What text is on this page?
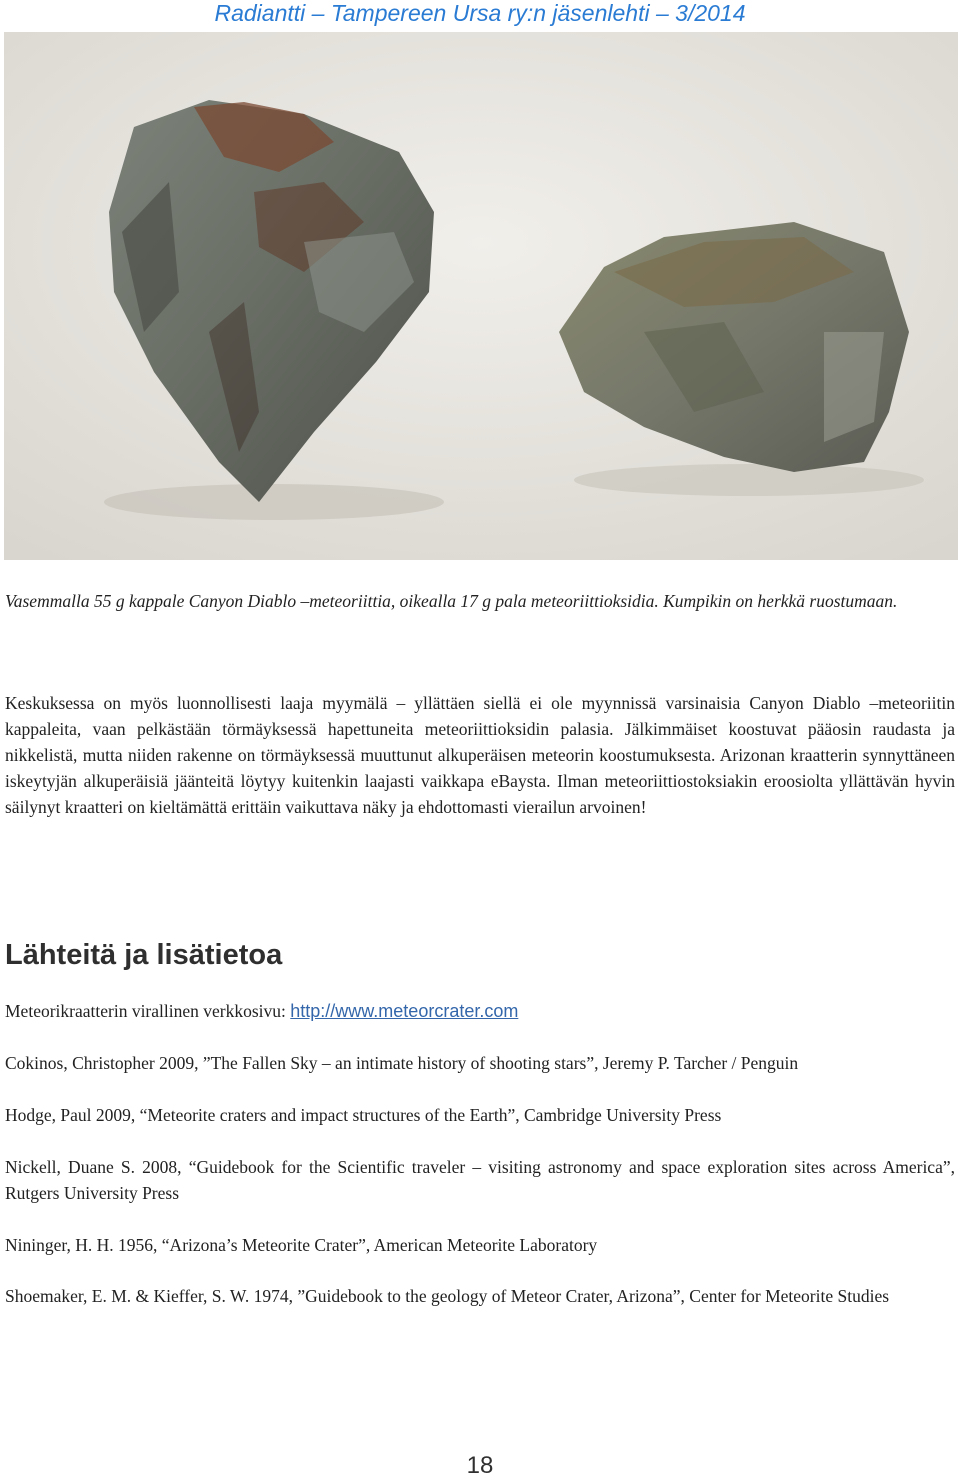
Radiantti – Tampereen Ursa ry:n jäsenlehti – 3/2014
Vasemmalla 55 g kappale Canyon Diablo –meteoriittia, oikealla 17 g pala meteoriittioksidia. Kumpikin on herkkä ruostumaan.

Keskuksessa on myös luonnollisesti laaja myymälä – yllättäen siellä ei ole myynnissä varsinaisia Canyon Diablo –meteoriitin kappaleita, vaan pelkästään törmäyksessä hapettuneita meteoriittioksidin palasia. Jälkimmäiset koostuvat pääosin raudasta ja nikkelistä, mutta niiden rakenne on törmäyksessä muuttunut alkuperäisen meteorin koostumuksesta. Arizonan kraatterin synnyttäneen iskeytyjän alkuperäisiä jäänteitä löytyy kuitenkin laajasti vaikkapa eBaysta. Ilman meteoriittiostoksiakin eroosiolta yllättävän hyvin säilynyt kraatteri on kieltämättä erittäin vaikuttava näky ja ehdottomasti vierailun arvoinen!

Lähteitä ja lisätietoa

Meteorikraatterin virallinen verkkosivu: http://www.meteorcrater.com

Cokinos, Christopher 2009, ”The Fallen Sky – an intimate history of shooting stars”, Jeremy P. Tarcher / Penguin

Hodge, Paul 2009, “Meteorite craters and impact structures of the Earth”, Cambridge University Press

Nickell, Duane S. 2008, “Guidebook for the Scientific traveler – visiting astronomy and space exploration sites across America”, Rutgers University Press

Nininger, H. H. 1956, “Arizona’s Meteorite Crater”, American Meteorite Laboratory

Shoemaker, E. M. & Kieffer, S. W. 1974, ”Guidebook to the geology of Meteor Crater, Arizona”, Center for Meteorite Studies

18
